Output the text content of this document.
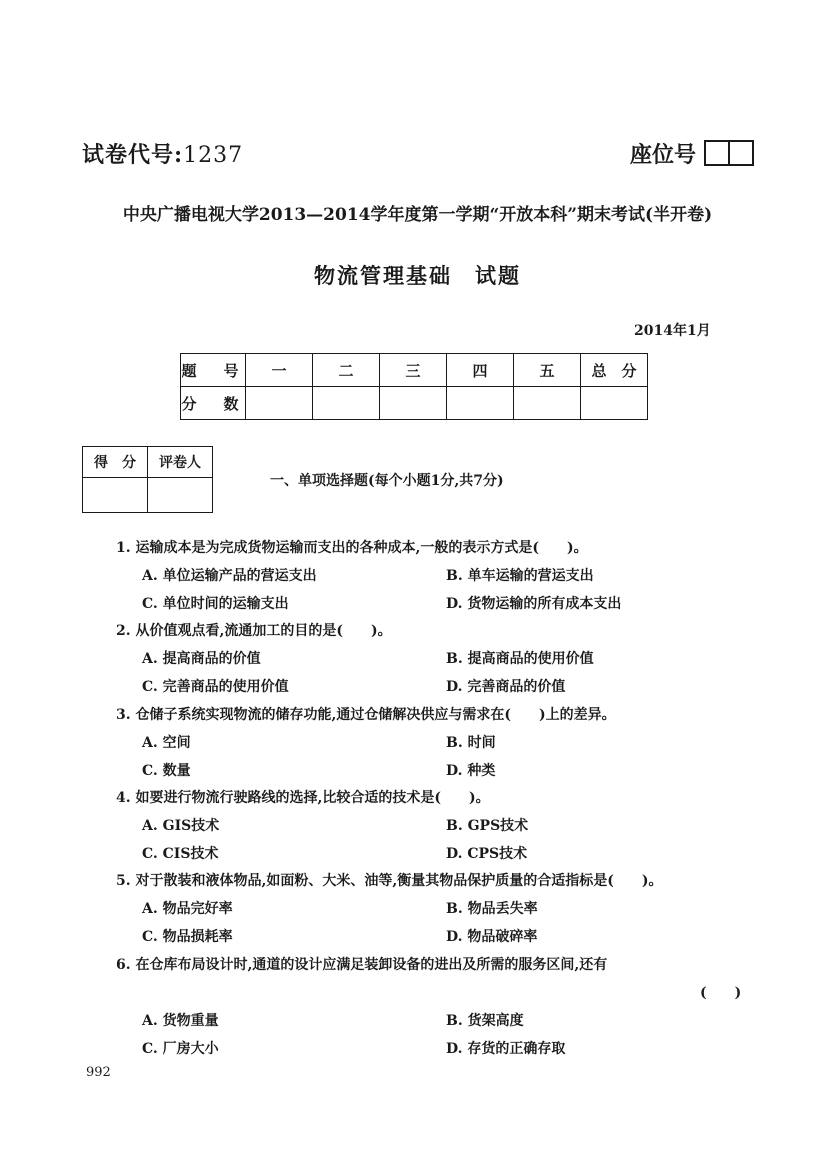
试卷代号:1237	座位号
中央广播电视大学2013—2014学年度第一学期“开放本科”期末考试(半开卷)
物流管理基础　试题
2014年1月
题　号	一	二	三	四	五	总　分
分　数						
得　分	评卷人

一、单项选择题(每个小题1分,共7分)
1. 运输成本是为完成货物运输而支出的各种成本,一般的表示方式是(　　)。
A. 单位运输产品的营运支出	B. 单车运输的营运支出
C. 单位时间的运输支出	D. 货物运输的所有成本支出
2. 从价值观点看,流通加工的目的是(　　)。
A. 提高商品的价值	B. 提高商品的使用价值
C. 完善商品的使用价值	D. 完善商品的价值
3. 仓储子系统实现物流的储存功能,通过仓储解决供应与需求在(　　)上的差异。
A. 空间	B. 时间
C. 数量	D. 种类
4. 如要进行物流行驶路线的选择,比较合适的技术是(　　)。
A. GIS技术	B. GPS技术
C. CIS技术	D. CPS技术
5. 对于散装和液体物品,如面粉、大米、油等,衡量其物品保护质量的合适指标是(　　)。
A. 物品完好率	B. 物品丢失率
C. 物品损耗率	D. 物品破碎率
6. 在仓库布局设计时,通道的设计应满足装卸设备的进出及所需的服务区间,还有
(　　)
A. 货物重量	B. 货架高度
C. 厂房大小	D. 存货的正确存取
992
